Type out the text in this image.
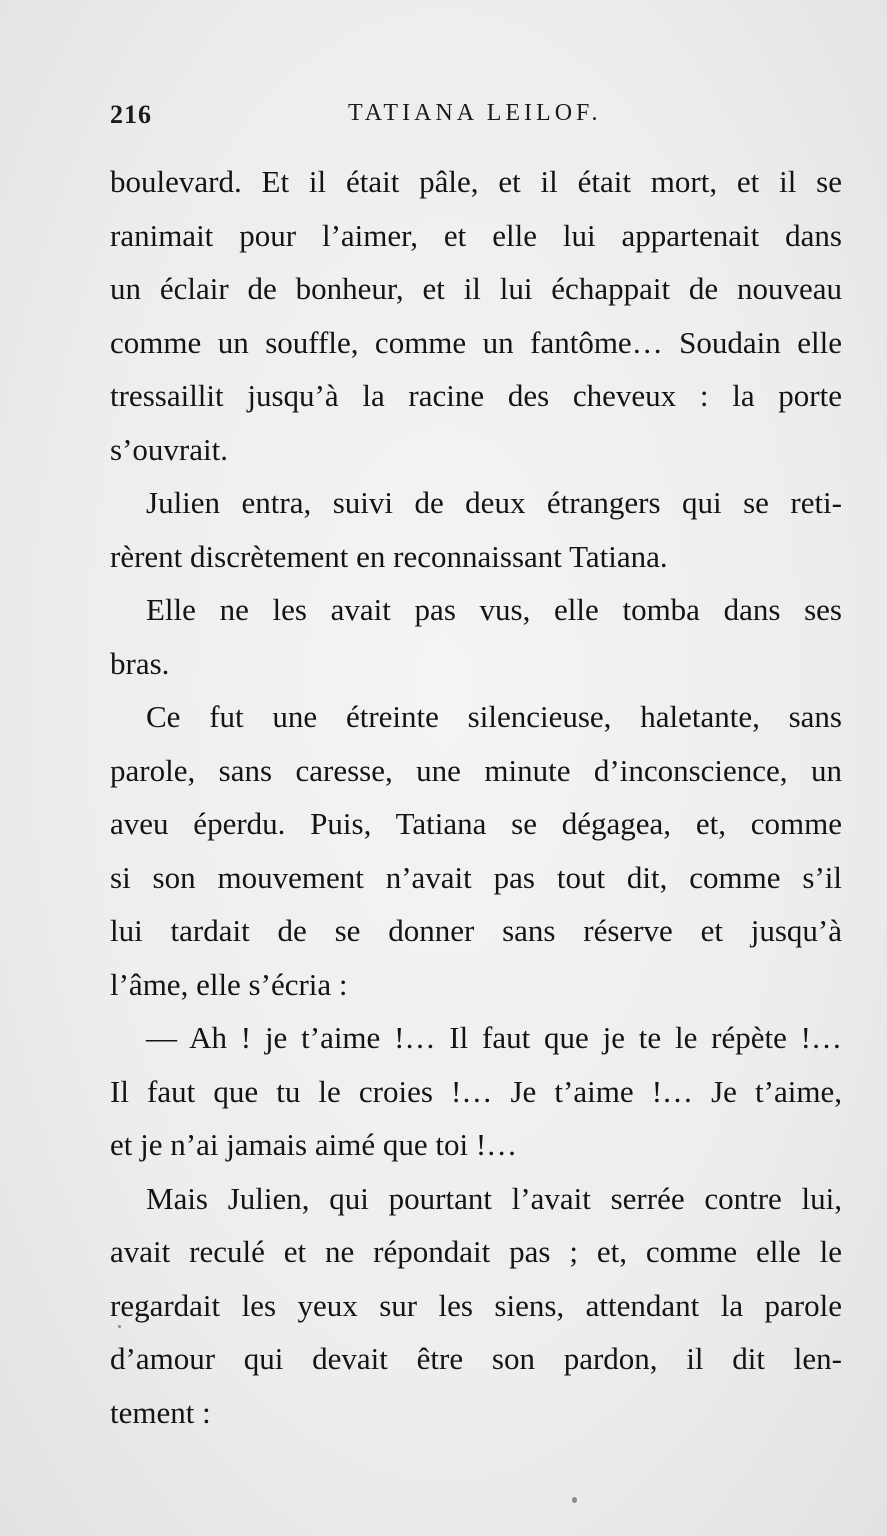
216	TATIANA LEILOF.
boulevard. Et il était pâle, et il était mort, et il se
ranimait pour l’aimer, et elle lui appartenait dans
un éclair de bonheur, et il lui échappait de nouveau
comme un souffle, comme un fantôme… Soudain elle
tressaillit jusqu’à la racine des cheveux : la porte
s’ouvrait.
Julien entra, suivi de deux étrangers qui se reti-
rèrent discrètement en reconnaissant Tatiana.
Elle ne les avait pas vus, elle tomba dans ses
bras.
Ce fut une étreinte silencieuse, haletante, sans
parole, sans caresse, une minute d’inconscience, un
aveu éperdu. Puis, Tatiana se dégagea, et, comme
si son mouvement n’avait pas tout dit, comme s’il
lui tardait de se donner sans réserve et jusqu’à
l’âme, elle s’écria :
— Ah ! je t’aime !… Il faut que je te le répète !…
Il faut que tu le croies !… Je t’aime !… Je t’aime,
et je n’ai jamais aimé que toi !…
Mais Julien, qui pourtant l’avait serrée contre lui,
avait reculé et ne répondait pas ; et, comme elle le
regardait les yeux sur les siens, attendant la parole
d’amour qui devait être son pardon, il dit len-
tement :
